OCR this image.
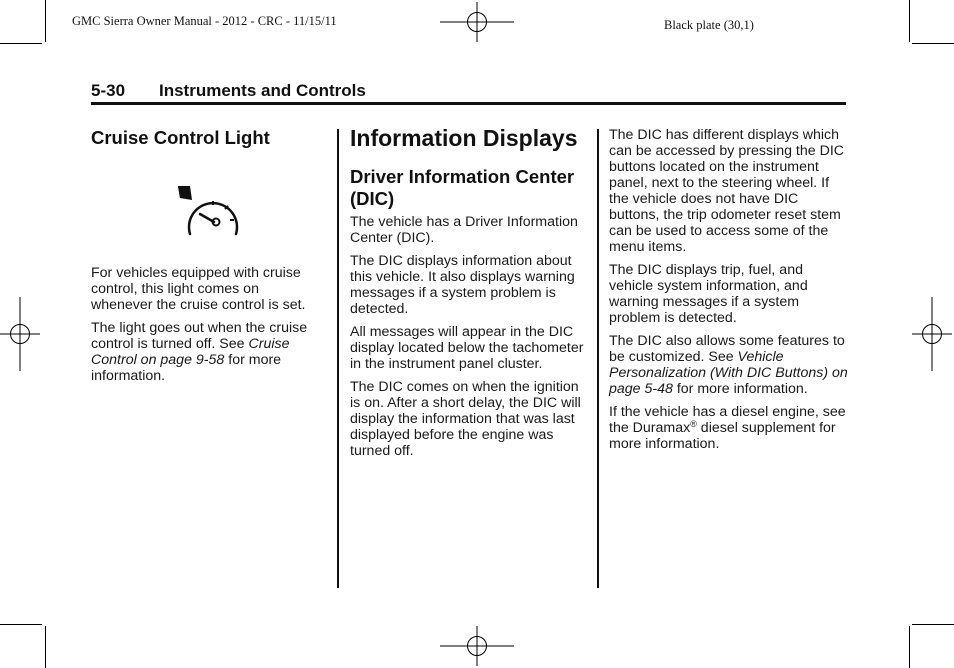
GMC Sierra Owner Manual - 2012 - CRC - 11/15/11	Black plate (30,1)
5-30 Instruments and Controls
Cruise Control Light

For vehicles equipped with cruise control, this light comes on whenever the cruise control is set.

The light goes out when the cruise control is turned off. See Cruise Control on page 9-58 for more information.

Information Displays
Driver Information Center (DIC)

The vehicle has a Driver Information Center (DIC).

The DIC displays information about this vehicle. It also displays warning messages if a system problem is detected.

All messages will appear in the DIC display located below the tachometer in the instrument panel cluster.

The DIC comes on when the ignition is on. After a short delay, the DIC will display the information that was last displayed before the engine was turned off.

The DIC has different displays which can be accessed by pressing the DIC buttons located on the instrument panel, next to the steering wheel. If the vehicle does not have DIC buttons, the trip odometer reset stem can be used to access some of the menu items.

The DIC displays trip, fuel, and vehicle system information, and warning messages if a system problem is detected.

The DIC also allows some features to be customized. See Vehicle Personalization (With DIC Buttons) on page 5-48 for more information.

If the vehicle has a diesel engine, see the Duramax® diesel supplement for more information.
